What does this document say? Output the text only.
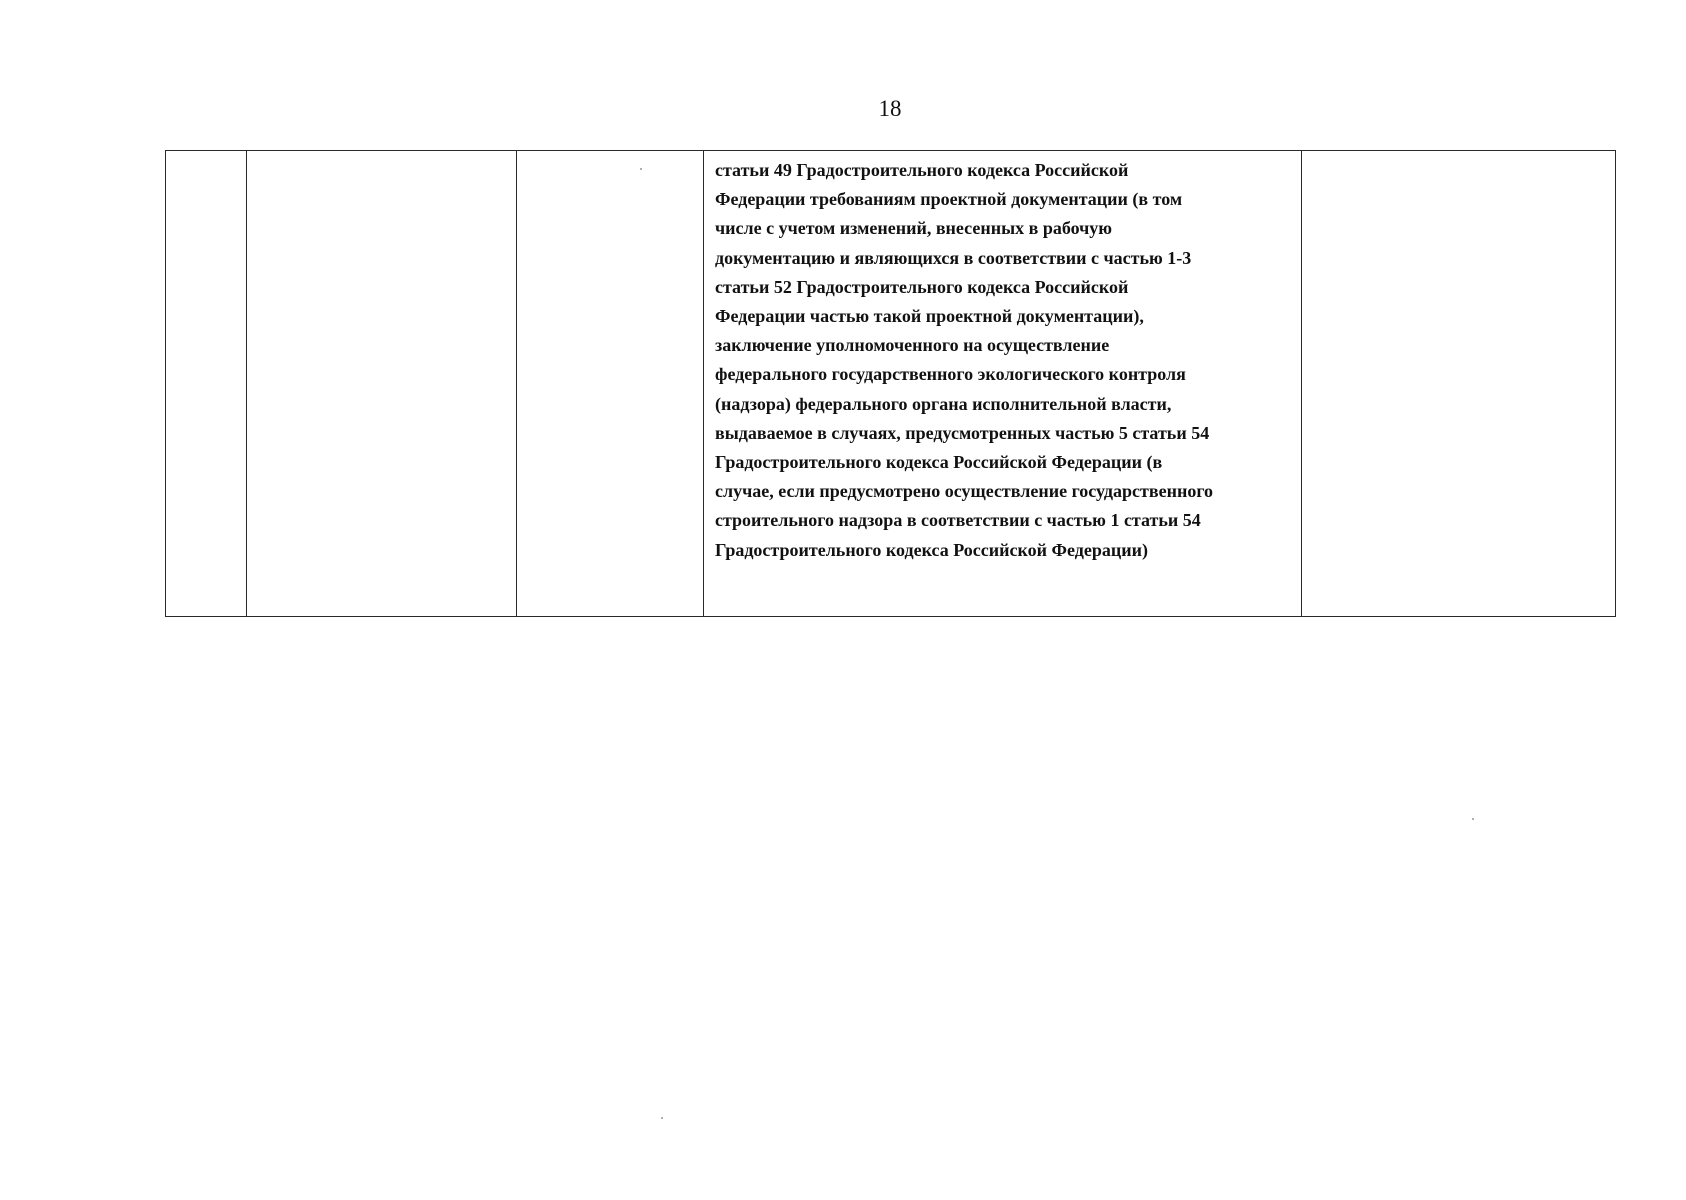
18

статьи 49 Градостроительного кодекса Российской
Федерации требованиям проектной документации (в том
числе с учетом изменений, внесенных в рабочую
документацию и являющихся в соответствии с частью 1-3
статьи 52 Градостроительного кодекса Российской
Федерации частью такой проектной документации),
заключение уполномоченного на осуществление
федерального государственного экологического контроля
(надзора) федерального органа исполнительной власти,
выдаваемое в случаях, предусмотренных частью 5 статьи 54
Градостроительного кодекса Российской Федерации (в
случае, если предусмотрено осуществление государственного
строительного надзора в соответствии с частью 1 статьи 54
Градостроительного кодекса Российской Федерации)
